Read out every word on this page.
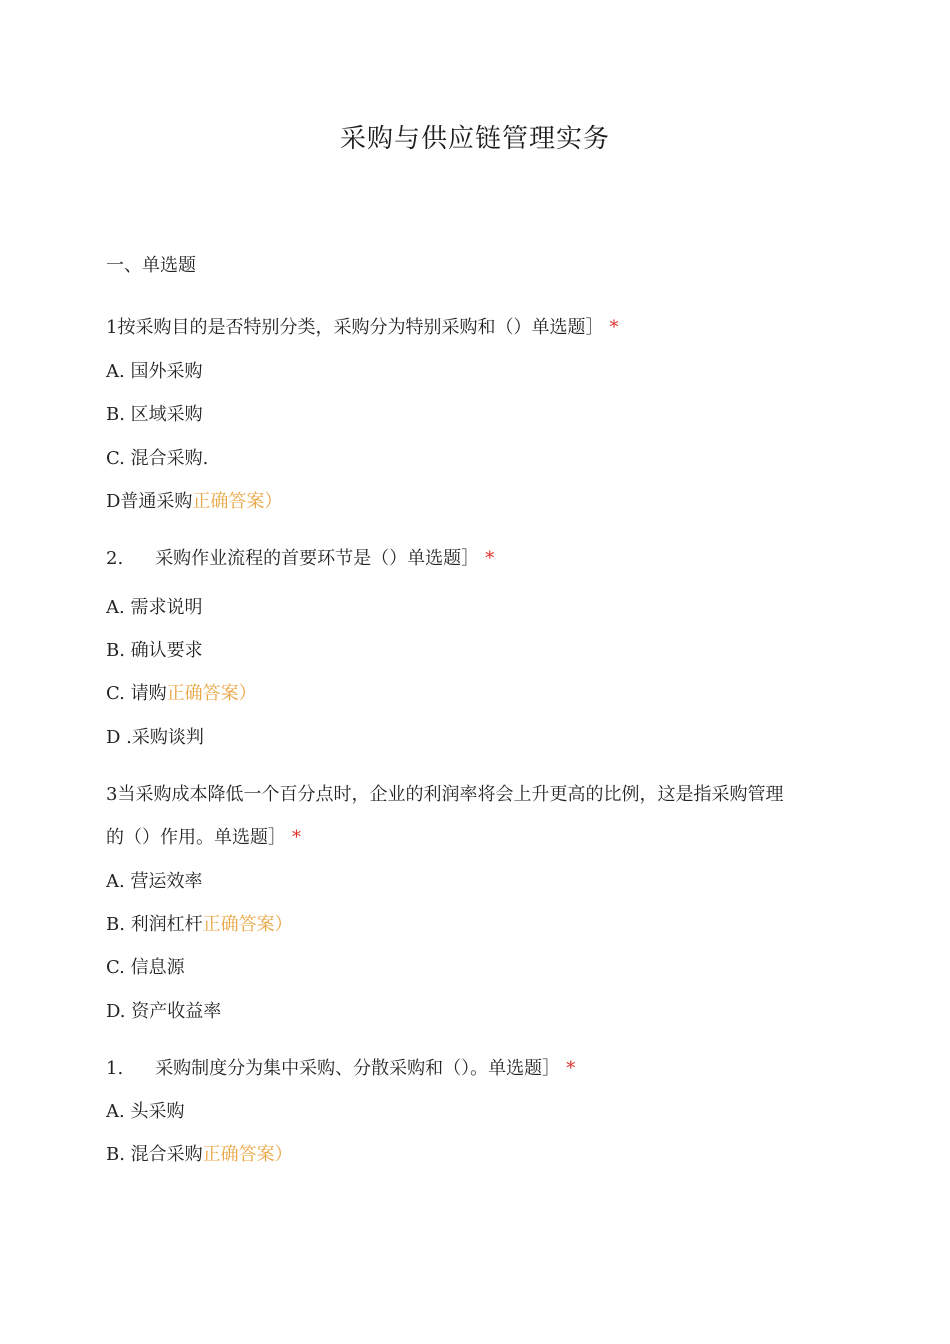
采购与供应链管理实务
一、单选题
1按采购目的是否特别分类，采购分为特别采购和（）单选题］ *
A. 国外采购
B. 区域采购
C. 混合采购.
D普通采购正确答案）
2. 采购作业流程的首要环节是（）单选题］ *
A. 需求说明
B. 确认要求
C. 请购正确答案）
D .采购谈判
3当采购成本降低一个百分点时，企业的利润率将会上升更高的比例，这是指采购管理
的（）作用。单选题］ *
A. 营运效率
B. 利润杠杆正确答案）
C. 信息源
D. 资产收益率
1. 采购制度分为集中采购、分散采购和（）。单选题］ *
A. 头采购
B. 混合采购正确答案）
